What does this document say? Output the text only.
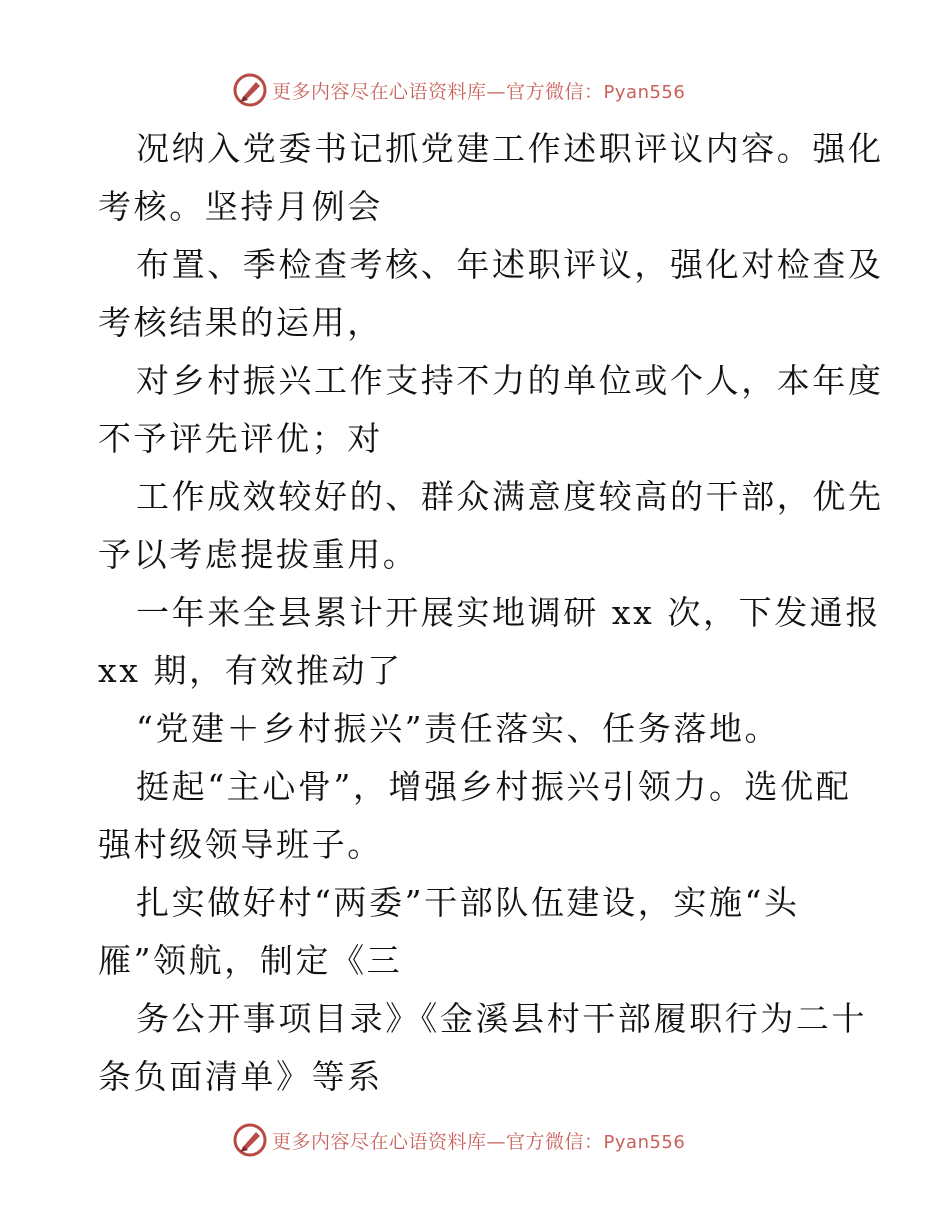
更多内容尽在心语资料库—官方微信：Pyan556
况纳入党委书记抓党建工作述职评议内容。强化
考核。坚持月例会
布置、季检查考核、年述职评议，强化对检查及
考核结果的运用，
对乡村振兴工作支持不力的单位或个人，本年度
不予评先评优；对
工作成效较好的、群众满意度较高的干部，优先
予以考虑提拔重用。
一年来全县累计开展实地调研 xx 次，下发通报
xx 期，有效推动了
“党建＋乡村振兴”责任落实、任务落地。
挺起“主心骨”，增强乡村振兴引领力。选优配
强村级领导班子。
扎实做好村“两委”干部队伍建设，实施“头
雁”领航，制定《三
务公开事项目录》《金溪县村干部履职行为二十
条负面清单》等系
更多内容尽在心语资料库—官方微信：Pyan556
